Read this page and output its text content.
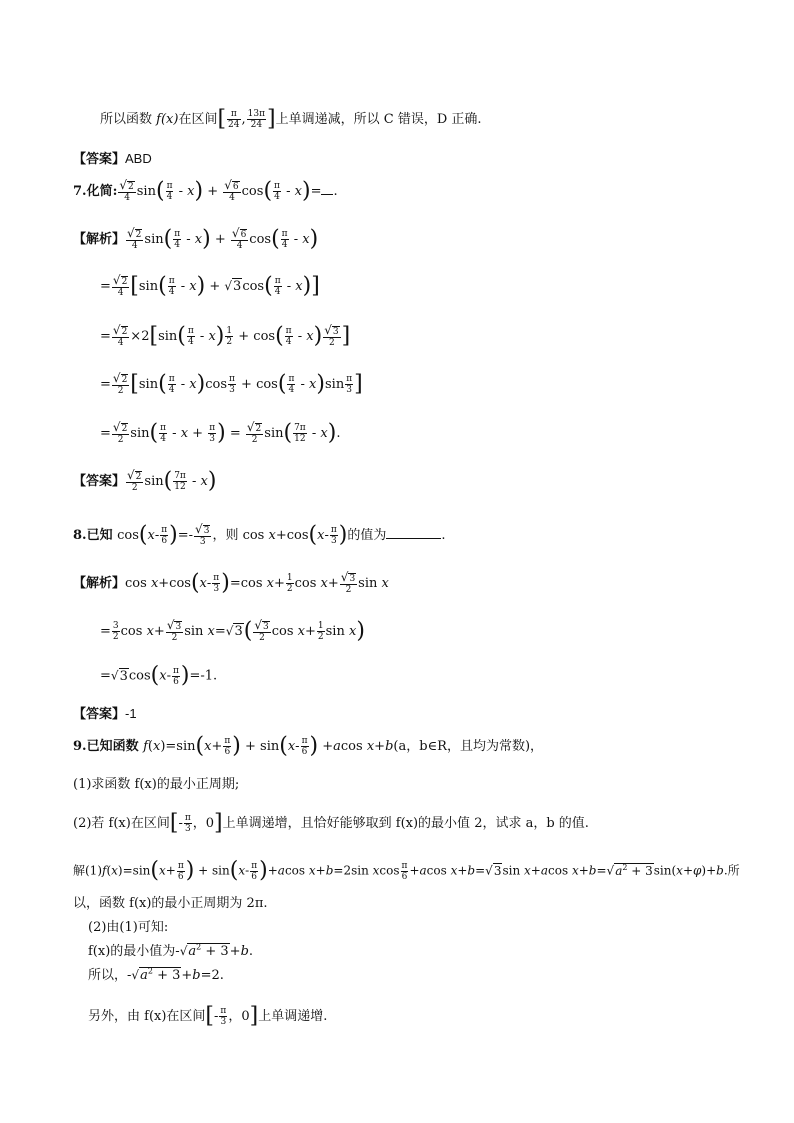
所以函数 f(x)在区间[ $\frac{\pi}{24}$ , $\frac{13\pi}{24}$ ]上单调递减，所以 C 错误，D 正确.
【答案】ABD
7.化简: $\frac{√2}{4} \sin( \frac{\pi}{4} - x) + \frac{√6}{4} \cos( \frac{\pi}{4} - x)=$ .
【解析】 $\frac{√2}{4} \sin( \frac{\pi}{4} - x) + \frac{√6}{4} \cos( \frac{\pi}{4} - x)$
= $\frac{√2}{4} [\sin( \frac{\pi}{4} - x) + √3\cos( \frac{\pi}{4} - x)]$
= $\frac{√2}{4} \times 2[\sin( \frac{\pi}{4} - x) \frac{1}{2} + \cos( \frac{\pi}{4} - x) \frac{√3}{2}$ ]
= $\frac{√2}{2} [\sin( \frac{\pi}{4} - x)\cos \frac{\pi}{3} + \cos( \frac{\pi}{4} - x)\sin \frac{\pi}{3}$ ]
= $\frac{√2}{2} \sin( \frac{\pi}{4} - x + \frac{\pi}{3}$ ) = $\frac{√2}{2} \sin( \frac{7\pi}{12} - x)$.
【答案】 $\frac{√2}{2} \sin( \frac{7\pi}{12} - x)$
8.已知 $\cos(x- \frac{\pi}{6}$ )=- $\frac{√3}{3}$ ，则 $\cos x+\cos(x- \frac{\pi}{3}$ )的值为	.
【解析】$\cos x+\cos(x- \frac{\pi}{3} )=\cos$ $x+ \frac{1}{2}$ $\cos x+ \frac{√3}{2}$ sin x
= $\frac{3}{2}$ $\cos x+ \frac{√3}{2}$ $\sin x=√3( \frac{√3}{2}$ $\cos x+ \frac{1}{2}$ sin x)
$=√3\cos(x- \frac{\pi}{6} )=-1$.
【答案】-1
9.已知函数 $f(x)=\sin(x+ \frac{\pi}{6}$ ) + $\sin(x- \frac{\pi}{6}$ ) +acos x+b(a，b∈R，且均为常数)，
(1)求函数 f(x)的最小正周期;
(2)若 f(x)在区间[- $\frac{\pi}{3}$ ，0]上单调递增，且恰好能够取到 f(x)的最小值 2，试求 a，b 的值.
解$(1)f(x)=\sin(x+ \frac{\pi}{6}$ ) + $\sin(x- \frac{\pi}{6} )+acos$ x+b=2sin xcos $\frac{\pi}{6} +acos$ x+b=√3sin x+acos $x+b=√a^2 + 3\sin(x+\varphi)+b$.所
以，函数 f(x)的最小正周期为 2π.
(2)由(1)可知:
f(x)的最小值为$-√a^2 + 3+b$.
所以，$-√a^2 + 3+b=2$.
另外，由 f(x)在区间[- $\frac{\pi}{3}$ ，0]上单调递增.
